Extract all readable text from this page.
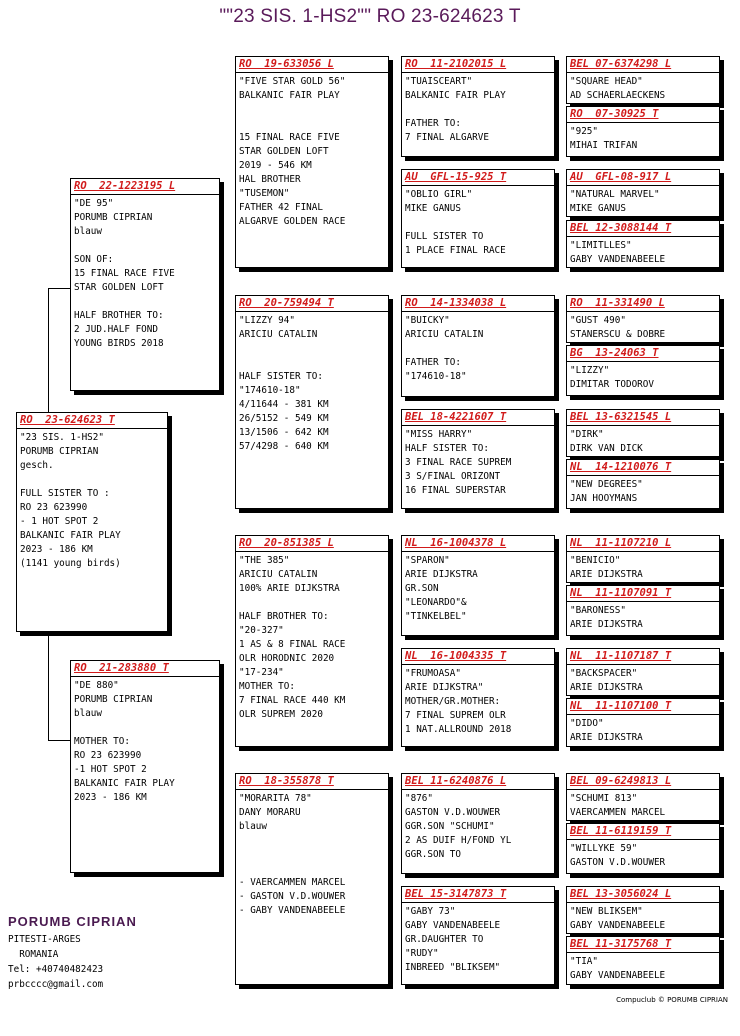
""23 SIS. 1-HS2"" RO 23-624623 T
RO  23-624623 T
"23 SIS. 1-HS2"
PORUMB CIPRIAN
gesch.
FULL SISTER TO :
RO 23 623990
- 1 HOT SPOT 2
BALKANIC FAIR PLAY
2023 - 186 KM
(1141 young birds)
RO  22-1223195 L
"DE 95"
PORUMB CIPRIAN
blauw
SON OF:
15 FINAL RACE FIVE
STAR GOLDEN LOFT
HALF BROTHER TO:
2 JUD.HALF FOND
YOUNG BIRDS 2018
RO  21-283880 T
"DE 880"
PORUMB CIPRIAN
blauw
MOTHER TO:
RO 23 623990
-1 HOT SPOT 2
BALKANIC FAIR PLAY
2023 - 186 KM
RO  19-633056 L
"FIVE STAR GOLD 56"
BALKANIC FAIR PLAY
15 FINAL RACE FIVE
STAR GOLDEN LOFT
2019 - 546 KM
HAL BROTHER
"TUSEMON"
FATHER 42 FINAL
ALGARVE GOLDEN RACE
RO  20-759494 T
"LIZZY 94"
ARICIU CATALIN
HALF SISTER TO:
"174610-18"
4/11644 - 381 KM
26/5152 - 549 KM
13/1506 - 642 KM
57/4298 - 640 KM
RO  20-851385 L
"THE 385"
ARICIU CATALIN
100% ARIE DIJKSTRA
HALF BROTHER TO:
"20-327"
1 AS & 8 FINAL RACE
OLR HORODNIC 2020
"17-234"
MOTHER TO:
7 FINAL RACE 440 KM
OLR SUPREM 2020
RO  18-355878 T
"MORARITA 78"
DANY MORARU
blauw
- VAERCAMMEN MARCEL
- GASTON V.D.WOUWER
- GABY VANDENABEELE
RO  11-2102015 L
"TUAISCEART"
BALKANIC FAIR PLAY
FATHER TO:
7 FINAL ALGARVE
AU  GFL-15-925 T
"OBLIO GIRL"
MIKE GANUS
FULL SISTER TO
1 PLACE FINAL RACE
RO  14-1334038 L
"BUICKY"
ARICIU CATALIN
FATHER TO:
"174610-18"
BEL 18-4221607 T
"MISS HARRY"
HALF SISTER TO:
3 FINAL RACE SUPREM
3 S/FINAL ORIZONT
16 FINAL SUPERSTAR
NL  16-1004378 L
"SPARON"
ARIE DIJKSTRA
GR.SON
"LEONARDO"&
"TINKELBEL"
NL  16-1004335 T
"FRUMOASA"
ARIE DIJKSTRA"
MOTHER/GR.MOTHER:
7 FINAL SUPREM OLR
1 NAT.ALLROUND 2018
BEL 11-6240876 L
"876"
GASTON V.D.WOUWER
GGR.SON "SCHUMI"
2 AS DUIF H/FOND YL
GGR.SON TO
BEL 15-3147873 T
"GABY 73"
GABY VANDENABEELE
GR.DAUGHTER TO
"RUDY"
INBREED "BLIKSEM"
BEL 07-6374298 L
"SQUARE HEAD"
AD SCHAERLAECKENS
RO  07-30925 T
"925"
MIHAI TRIFAN
AU  GFL-08-917 L
"NATURAL MARVEL"
MIKE GANUS
BEL 12-3088144 T
"LIMITLLES"
GABY VANDENABEELE
RO  11-331490 L
"GUST 490"
STANERSCU & DOBRE
BG  13-24063 T
"LIZZY"
DIMITAR TODOROV
BEL 13-6321545 L
"DIRK"
DIRK VAN DICK
NL  14-1210076 T
"NEW DEGREES"
JAN HOOYMANS
NL  11-1107210 L
"BENICIO"
ARIE DIJKSTRA
NL  11-1107091 T
"BARONESS"
ARIE DIJKSTRA
NL  11-1107187 T
"BACKSPACER"
ARIE DIJKSTRA
NL  11-1107100 T
"DIDO"
ARIE DIJKSTRA
BEL 09-6249813 L
"SCHUMI 813"
VAERCAMMEN MARCEL
BEL 11-6119159 T
"WILLYKE 59"
GASTON V.D.WOUWER
BEL 13-3056024 L
"NEW BLIKSEM"
GABY VANDENABEELE
BEL 11-3175768 T
"TIA"
GABY VANDENABEELE
PORUMB CIPRIAN
PITESTI-ARGES
ROMANIA
Tel: +40740482423
prbcccc@gmail.com
Compuclub © PORUMB CIPRIAN
